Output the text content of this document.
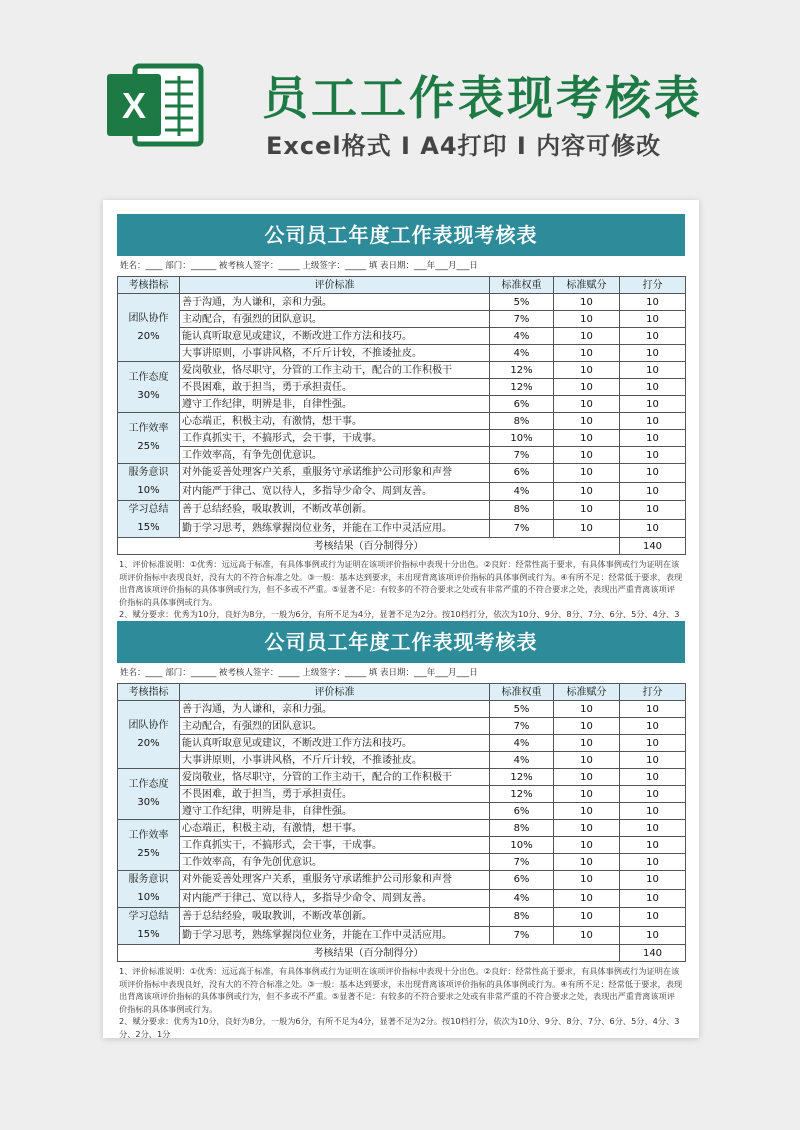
X	员工工作表现考核表
Excel格式 I A4打印 I 内容可修改
公司员工年度工作表现考核表
姓名：____ 部门：______ 被考核人签字：_____ 上级签字：_____ 填 表日期：___年___月___日
考核指标	评价标准	标准权重	标准赋分	打分

团队协作
20%	善于沟通，为人谦和，亲和力强。	5%	10	10
	主动配合，有强烈的团队意识。	7%	10	10
	能认真听取意见或建议，不断改进工作方法和技巧。	4%	10	10
	大事讲原则，小事讲风格，不斤斤计较，不推诿扯皮。	4%	10	10

工作态度
30%	爱岗敬业，恪尽职守，分管的工作主动干，配合的工作积极干	12%	10	10
	不畏困难，敢于担当，勇于承担责任。	12%	10	10
	遵守工作纪律，明辨是非，自律性强。	6%	10	10

工作效率
25%	心态端正，积极主动，有激情，想干事。	8%	10	10
	工作真抓实干，不搞形式，会干事，干成事。	10%	10	10
	工作效率高，有争先创优意识。	7%	10	10

服务意识
10%	对外能妥善处理客户关系，重服务守承诺维护公司形象和声誉	6%	10	10
	对内能严于律己、宽以待人，多指导少命令、周到友善。	4%	10	10

学习总结
15%	善于总结经验，吸取教训，不断改革创新。	8%	10	10
	勤于学习思考，熟练掌握岗位业务，并能在工作中灵活应用。	7%	10	10
考核结果（百分制得分）				140

1、评价标准说明：①优秀：远远高于标准，有具体事例或行为证明在该项评价指标中表现十分出色。②良好：经常性高于要求，有具体事例或行为证明在该项评价指标中表现良好，没有大的不符合标准之处。③一般：基本达到要求，未出现背离该项评价指标的具体事例或行为。④有所不足：经常低于要求，表现出背离该项评价指标的具体事例或行为，但不多或不严重。⑤显著不足：有较多的不符合要求之处或有非常严重的不符合要求之处，表现出严重背离该项评价指标的具体事例或行为。

2、赋分要求：优秀为10分，良好为8分，一般为6分，有所不足为4分，显著不足为2分。按10档打分，依次为10分、9分、8分、7分、6分、5分、4分、3

公司员工年度工作表现考核表
姓名：____ 部门：______ 被考核人签字：_____ 上级签字：_____ 填 表日期：___年___月___日
考核指标	评价标准	标准权重	标准赋分	打分

团队协作
20%	善于沟通，为人谦和，亲和力强。	5%	10	10
	主动配合，有强烈的团队意识。	7%	10	10
	能认真听取意见或建议，不断改进工作方法和技巧。	4%	10	10
	大事讲原则，小事讲风格，不斤斤计较，不推诿扯皮。	4%	10	10

工作态度
30%	爱岗敬业，恪尽职守，分管的工作主动干，配合的工作积极干	12%	10	10
	不畏困难，敢于担当，勇于承担责任。	12%	10	10
	遵守工作纪律，明辨是非，自律性强。	6%	10	10

工作效率
25%	心态端正，积极主动，有激情，想干事。	8%	10	10
	工作真抓实干，不搞形式，会干事，干成事。	10%	10	10
	工作效率高，有争先创优意识。	7%	10	10

服务意识
10%	对外能妥善处理客户关系，重服务守承诺维护公司形象和声誉	6%	10	10
	对内能严于律己、宽以待人，多指导少命令、周到友善。	4%	10	10

学习总结
15%	善于总结经验，吸取教训，不断改革创新。	8%	10	10
	勤于学习思考，熟练掌握岗位业务，并能在工作中灵活应用。	7%	10	10
考核结果（百分制得分）				140

1、评价标准说明：①优秀：远远高于标准，有具体事例或行为证明在该项评价指标中表现十分出色。②良好：经常性高于要求，有具体事例或行为证明在该项评价指标中表现良好，没有大的不符合标准之处。③一般：基本达到要求，未出现背离该项评价指标的具体事例或行为。④有所不足：经常低于要求，表现出背离该项评价指标的具体事例或行为，但不多或不严重。⑤显著不足：有较多的不符合要求之处或有非常严重的不符合要求之处，表现出严重背离该项评价指标的具体事例或行为。

2、赋分要求：优秀为10分，良好为8分，一般为6分，有所不足为4分，显著不足为2分。按10档打分，依次为10分、9分、8分、7分、6分、5分、4分、3分、2分、1分
